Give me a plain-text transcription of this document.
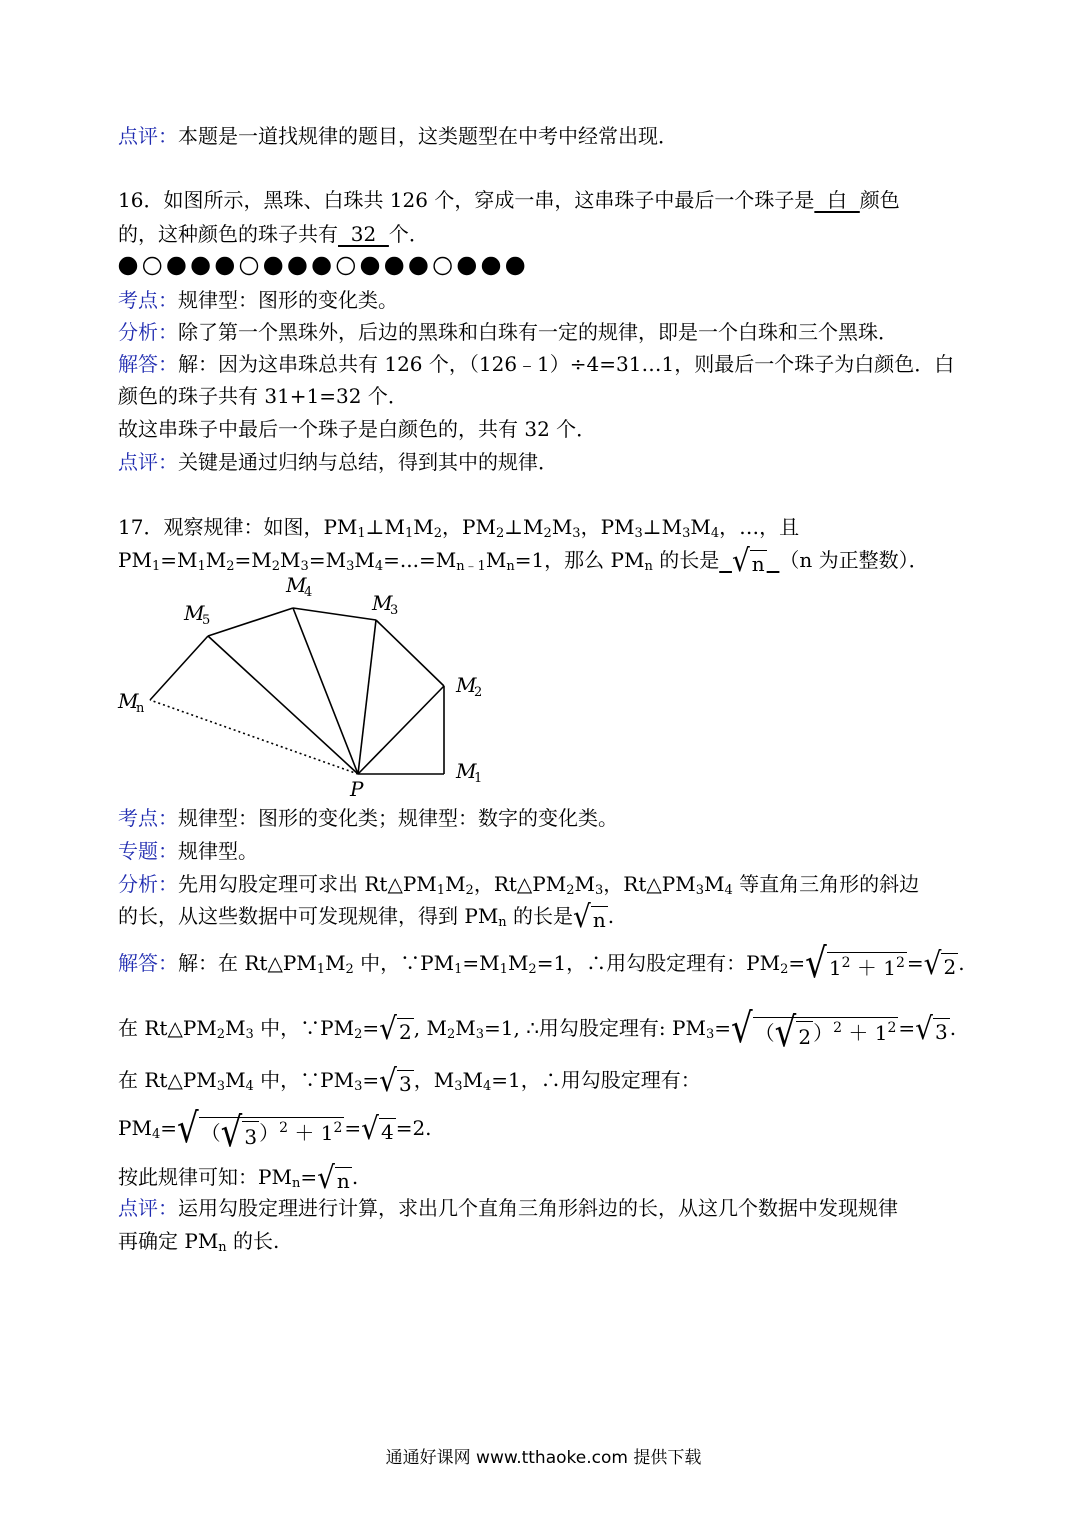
点评：本题是一道找规律的题目，这类题型在中考中经常出现．
16．如图所示，黑珠、白珠共 126 个，穿成一串，这串珠子中最后一个珠子是  白  颜色
的，这种颜色的珠子共有  32  个．
考点：规律型：图形的变化类。
分析：除了第一个黑珠外，后边的黑珠和白珠有一定的规律，即是一个白珠和三个黑珠．
解答：解：因为这串珠总共有 126 个，（126﹣1）÷4=31…1，则最后一个珠子为白颜色．白
颜色的珠子共有 31+1=32 个．
故这串珠子中最后一个珠子是白颜色的，共有 32 个．
点评：关键是通过归纳与总结，得到其中的规律．
17．观察规律：如图，$PM_1\perp M_1M_2$，$PM_2\perp M_2M_3$，$PM_3\perp M_3M_4$，…，且
$PM_1=M_1M_2=M_2M_3=M_3M_4=...=M_{n﹣1}M_n=1$，那么 $PM_n$ 的长是 √ n （n 为正整数）．
M
5
M
4	M
3
M
2
M
1
M
n
P
考点：规律型：图形的变化类；规律型：数字的变化类。
专题：规律型。
分析：先用勾股定理可求出 $Rt\triangle PM_1M_2$，$Rt\triangle PM_2M_3$，$Rt\triangle PM_3M_4$ 等直角三角形的斜边
的长，从这些数据中可发现规律，得到 $PM_n$ 的长是√ n .
解答：解：在 $Rt\triangle PM_1M_2$ 中，$\because PM_1=M_1M_2=1$，∴用勾股定理有：$PM_2=√$ $1^2 + 1^2$ =√ 2 .
在 $Rt\triangle PM_2M_3$ 中，$\because PM_2=√$ 2 , $M_2M_3=1$, ∴用勾股定理有: $PM_3=√$ （√ 2 ）$^2 + 1^2$ =√ 3 .
在 $Rt\triangle PM_3M_4$ 中，$\because PM_3=√$ 3 ，$M_3M_4=1$，∴用勾股定理有：
$PM_4=√$ （√ 3 ）$^2 + 1^2$ =√ 4 =2.
按此规律可知：$PM_n=√$ n .
点评：运用勾股定理进行计算，求出几个直角三角形斜边的长，从这几个数据中发现规律
再确定 $PM_n$ 的长.
通通好课网 www.tthaoke.com 提供下载
